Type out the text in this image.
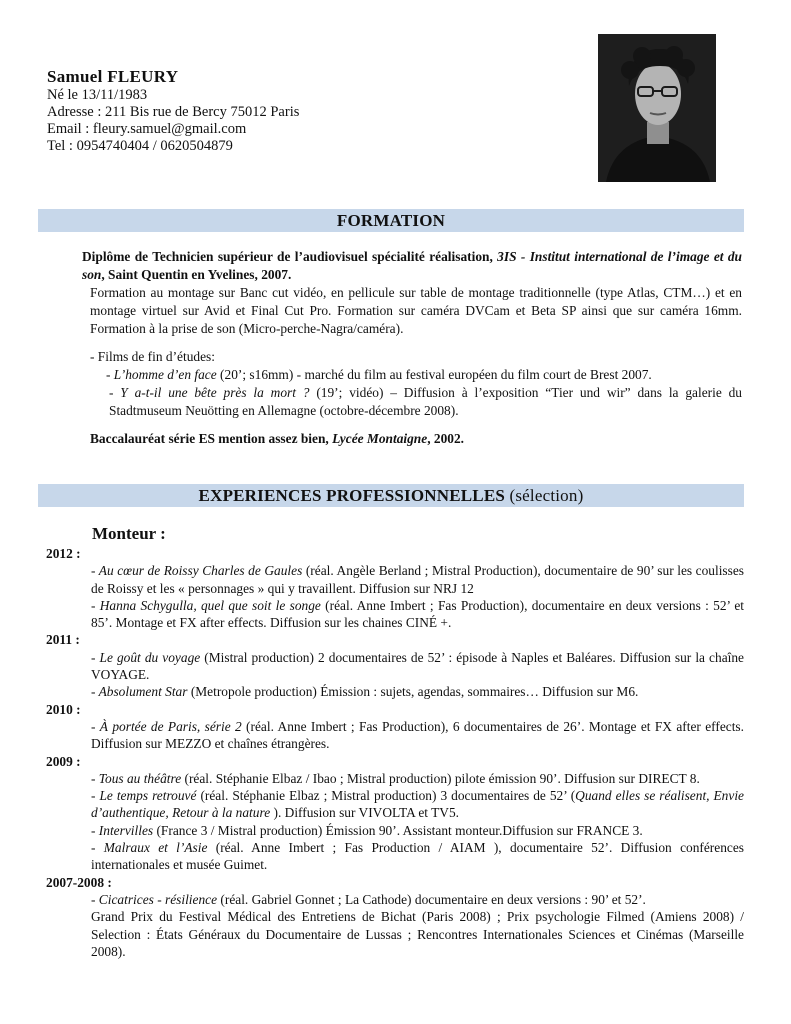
Samuel FLEURY
Né le 13/11/1983
Adresse : 211 Bis rue de Bercy 75012 Paris
Email : fleury.samuel@gmail.com
Tel : 0954740404 / 0620504879
FORMATION

Diplôme de Technicien supérieur de l’audiovisuel spécialité réalisation, 3IS - Institut international de l’image et du son, Saint Quentin en Yvelines, 2007.

Formation au montage sur Banc cut vidéo, en pellicule sur table de montage traditionnelle (type Atlas, CTM…) et en montage virtuel sur Avid et Final Cut Pro. Formation sur caméra DVCam et Beta SP ainsi que sur caméra 16mm. Formation à la prise de son (Micro-perche-Nagra/caméra).

- Films de fin d’études:

- L’homme d’en face (20’; s16mm) - marché du film au festival européen du film court de Brest 2007.

- Y a-t-il une bête près la mort ? (19’; vidéo) – Diffusion à l’exposition “Tier und wir” dans la galerie du Stadtmuseum Neuötting en Allemagne (octobre-décembre 2008).

Baccalauréat série ES mention assez bien, Lycée Montaigne, 2002.

EXPERIENCES PROFESSIONNELLES (sélection)
Monteur :
2012 :
- Au cœur de Roissy Charles de Gaules (réal. Angèle Berland ; Mistral Production), documentaire de 90’ sur les coulisses de Roissy et les « personnages » qui y travaillent. Diffusion sur NRJ 12
- Hanna Schygulla, quel que soit le songe (réal. Anne Imbert ; Fas Production), documentaire en deux versions : 52’ et 85’. Montage et FX after effects. Diffusion sur les chaines CINÉ +.
2011 :
- Le goût du voyage (Mistral production) 2 documentaires de 52’ : épisode à Naples et Baléares. Diffusion sur la chaîne VOYAGE.
- Absolument Star (Metropole production) Émission : sujets, agendas, sommaires… Diffusion sur M6.
2010 :
- À portée de Paris, série 2 (réal. Anne Imbert ; Fas Production), 6 documentaires de 26’. Montage et FX after effects. Diffusion sur MEZZO et chaînes étrangères.
2009 :
- Tous au théâtre (réal. Stéphanie Elbaz / Ibao ; Mistral production) pilote émission 90’. Diffusion sur DIRECT 8.
- Le temps retrouvé (réal. Stéphanie Elbaz ; Mistral production) 3 documentaires de 52’ (Quand elles se réalisent, Envie d’authentique, Retour à la nature ). Diffusion sur VIVOLTA et TV5.
- Intervilles (France 3 / Mistral production) Émission 90’. Assistant monteur.Diffusion sur FRANCE 3.
- Malraux et l’Asie (réal. Anne Imbert ; Fas Production / AIAM ), documentaire 52’. Diffusion conférences internationales et musée Guimet.
2007-2008 :
- Cicatrices - résilience (réal. Gabriel Gonnet ; La Cathode) documentaire en deux versions : 90’ et 52’.
Grand Prix du Festival Médical des Entretiens de Bichat (Paris 2008) ; Prix psychologie Filmed (Amiens 2008) / Selection : États Généraux du Documentaire de Lussas ; Rencontres Internationales Sciences et Cinémas (Marseille 2008).
